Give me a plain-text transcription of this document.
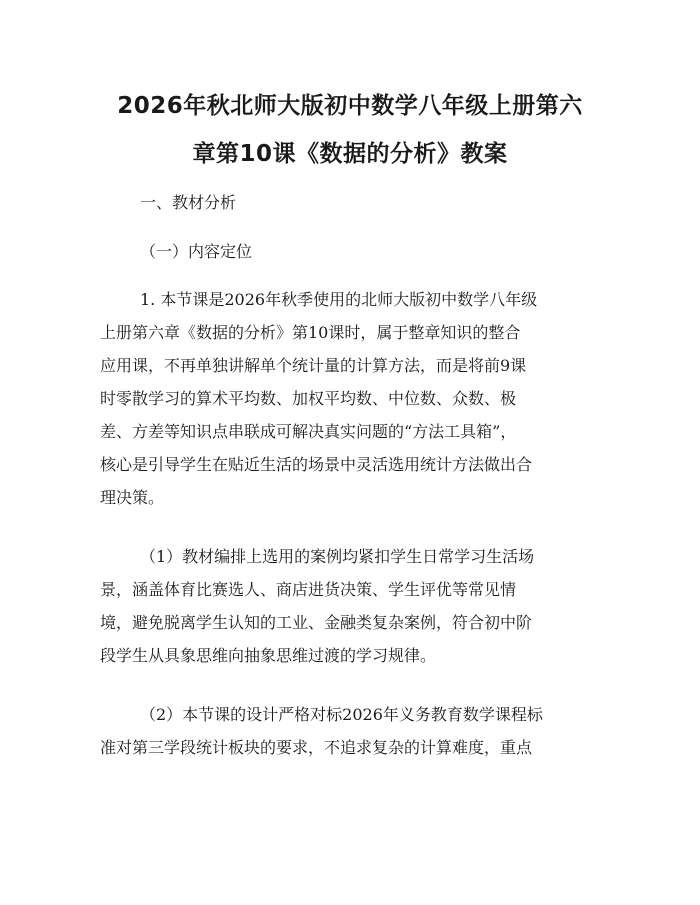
2026年秋北师大版初中数学八年级上册第六
章第10课《数据的分析》教案
一、教材分析
（一）内容定位
1. 本节课是2026年秋季使用的北师大版初中数学八年级
上册第六章《数据的分析》第10课时，属于整章知识的整合
应用课，不再单独讲解单个统计量的计算方法，而是将前9课
时零散学习的算术平均数、加权平均数、中位数、众数、极
差、方差等知识点串联成可解决真实问题的“方法工具箱”，
核心是引导学生在贴近生活的场景中灵活选用统计方法做出合
理决策。
（1）教材编排上选用的案例均紧扣学生日常学习生活场
景，涵盖体育比赛选人、商店进货决策、学生评优等常见情
境，避免脱离学生认知的工业、金融类复杂案例，符合初中阶
段学生从具象思维向抽象思维过渡的学习规律。
（2）本节课的设计严格对标2026年义务教育数学课程标
准对第三学段统计板块的要求，不追求复杂的计算难度，重点
